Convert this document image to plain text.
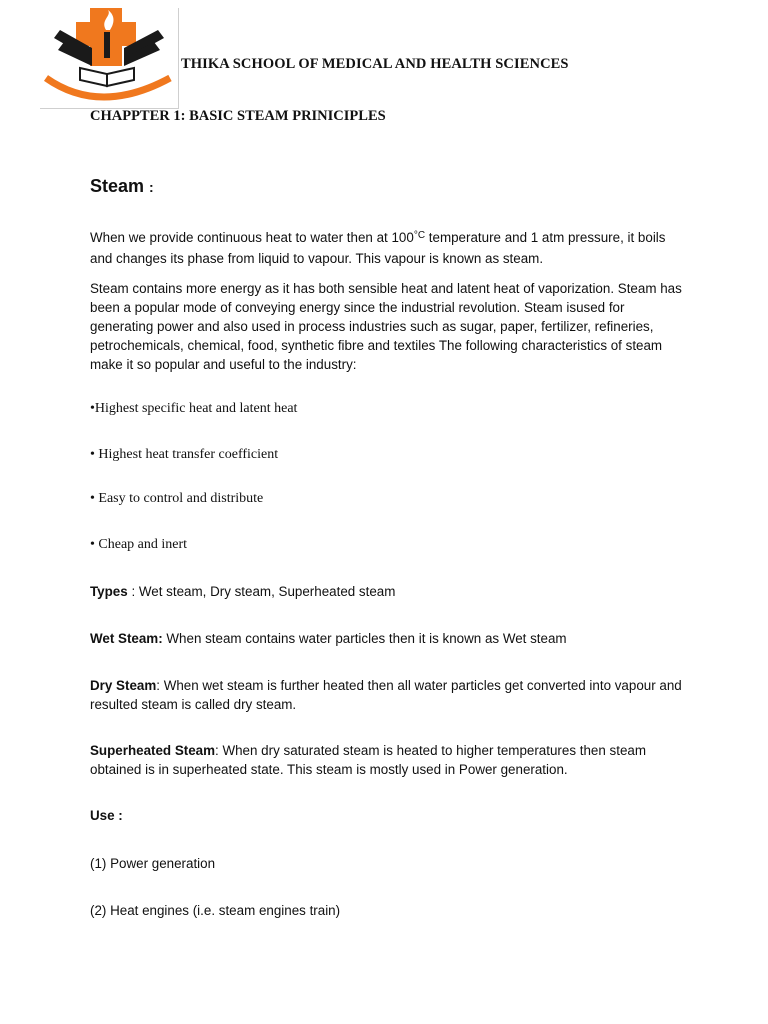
THIKA SCHOOL OF MEDICAL AND HEALTH SCIENCES
CHAPPTER 1: BASIC STEAM PRINICIPLES
Steam :
When we provide continuous heat to water then at $100^{^\circ C}$ temperature and 1 atm pressure, it boils and changes its phase from liquid to vapour. This vapour is known as steam.
Steam contains more energy as it has both sensible heat and latent heat of vaporization. Steam has been a popular mode of conveying energy since the industrial revolution. Steam isused for generating power and also used in process industries such as sugar, paper, fertilizer, refineries, petrochemicals, chemical, food, synthetic fibre and textiles The following characteristics of steam make it so popular and useful to the industry:
•Highest specific heat and latent heat
• Highest heat transfer coefficient
• Easy to control and distribute
• Cheap and inert
Types : Wet steam, Dry steam, Superheated steam
Wet Steam: When steam contains water particles then it is known as Wet steam
Dry Steam: When wet steam is further heated then all water particles get converted into vapour and resulted steam is called dry steam.
Superheated Steam: When dry saturated steam is heated to higher temperatures then steam obtained is in superheated state. This steam is mostly used in Power generation.
Use :
(1) Power generation
(2) Heat engines (i.e. steam engines train)
